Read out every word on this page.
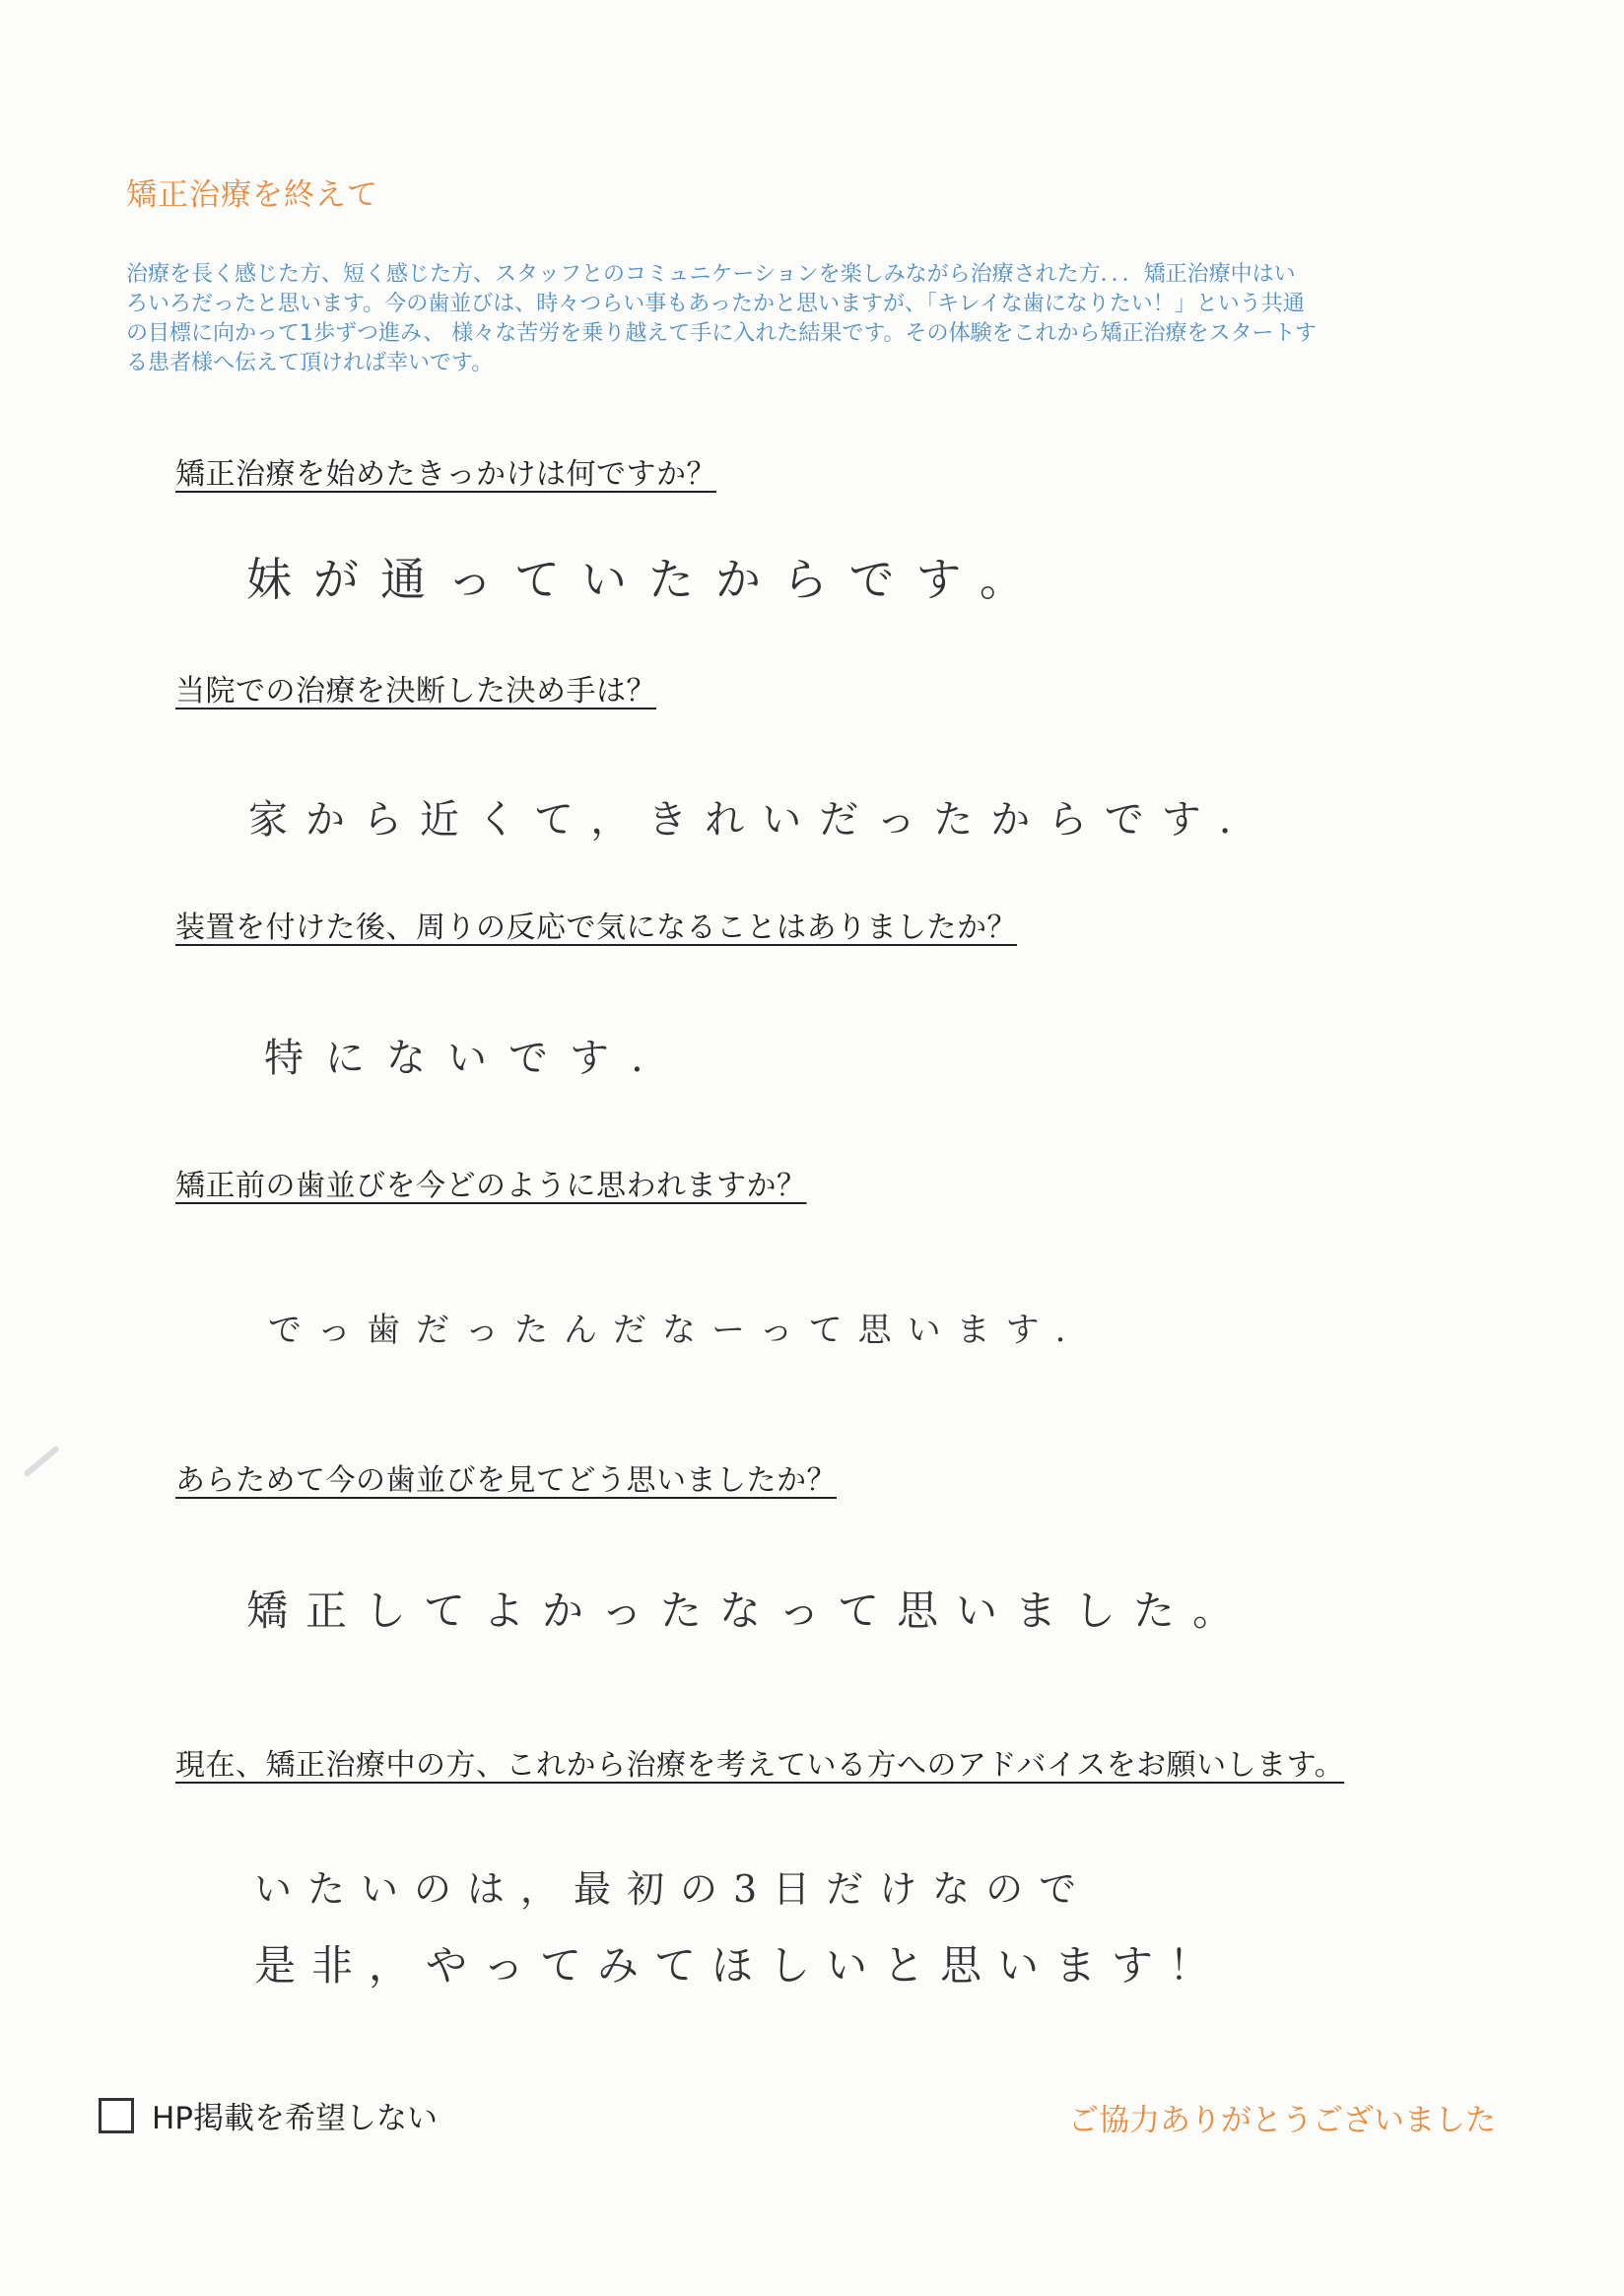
矯正治療を終えて
治療を長く感じた方、短く感じた方、スタッフとのコミュニケーションを楽しみながら治療された方．．．矯正治療中はい
ろいろだったと思います。今の歯並びは、時々つらい事もあったかと思いますが、「キレイな歯になりたい！」という共通
の目標に向かって1歩ずつ進み、 様々な苦労を乗り越えて手に入れた結果です。その体験をこれから矯正治療をスタートす
る患者様へ伝えて頂ければ幸いです。
矯正治療を始めたきっかけは何ですか？
妹が通っていたからです。
当院での治療を決断した決め手は？
家から近くて，きれいだったからです.
装置を付けた後、周りの反応で気になることはありましたか？
特にないです.
矯正前の歯並びを今どのように思われますか？
でっ歯だったんだなーって思います.
あらためて今の歯並びを見てどう思いましたか？
矯正してよかったなって思いました。
現在、矯正治療中の方、これから治療を考えている方へのアドバイスをお願いします。
いたいのは，最初の3日だけなので
是非，やってみてほしいと思います！
HP掲載を希望しない	ご協力ありがとうございました
